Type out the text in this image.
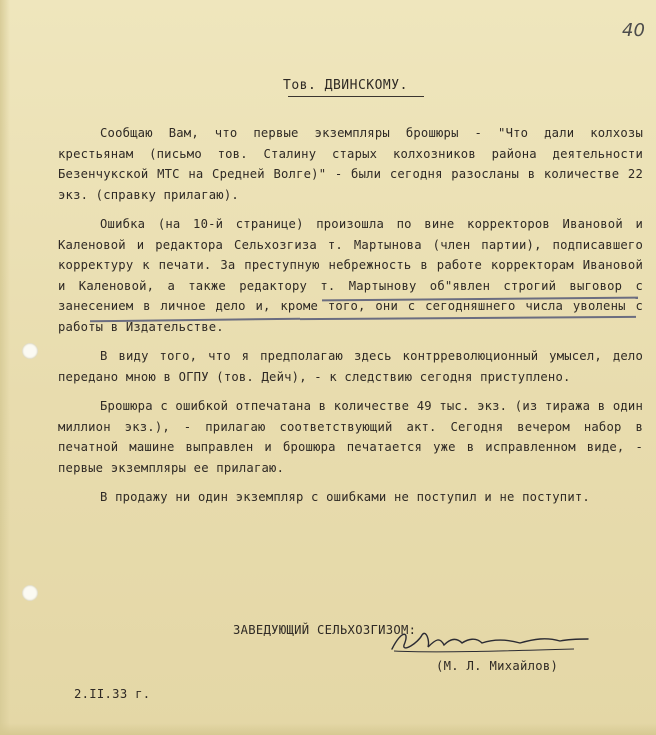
40
Тов. ДВИНСКОМУ.

Сообщаю Вам, что первые экземпляры брошюры - "Что дали колхозы крестьянам (письмо тов. Сталину старых колхозников района деятельности Безенчукской МТС на Средней Волге)" - были сегодня разосланы в количестве 22 экз. (справку прилагаю).

Ошибка (на 10-й странице) произошла по вине корректоров Ивановой и Каленовой и редактора Сельхозгиза т. Мартынова (член партии), подписавшего корректуру к печати. За преступную небрежность в работе корректорам Ивановой и Каленовой, а также редактору т. Мартынову об"явлен строгий выговор с занесением в личное дело и, кроме того, они с сегодняшнего числа уволены с работы в Издательстве.

В виду того, что я предполагаю здесь контрреволюционный умысел, дело передано мною в ОГПУ (тов. Дейч), - к следствию сегодня приступлено.

Брошюра с ошибкой отпечатана в количестве 49 тыс. экз. (из тиража в один миллион экз.), - прилагаю соответствующий акт. Сегодня вечером набор в печатной машине выправлен и брошюра печатается уже в исправленном виде, - первые экземпляры ее прилагаю.

В продажу ни один экземпляр с ошибками не поступил и не поступит.

ЗАВЕДУЮЩИЙ СЕЛЬХОЗГИЗОМ:
(М. Л. Михайлов)
2.II.33 г.
